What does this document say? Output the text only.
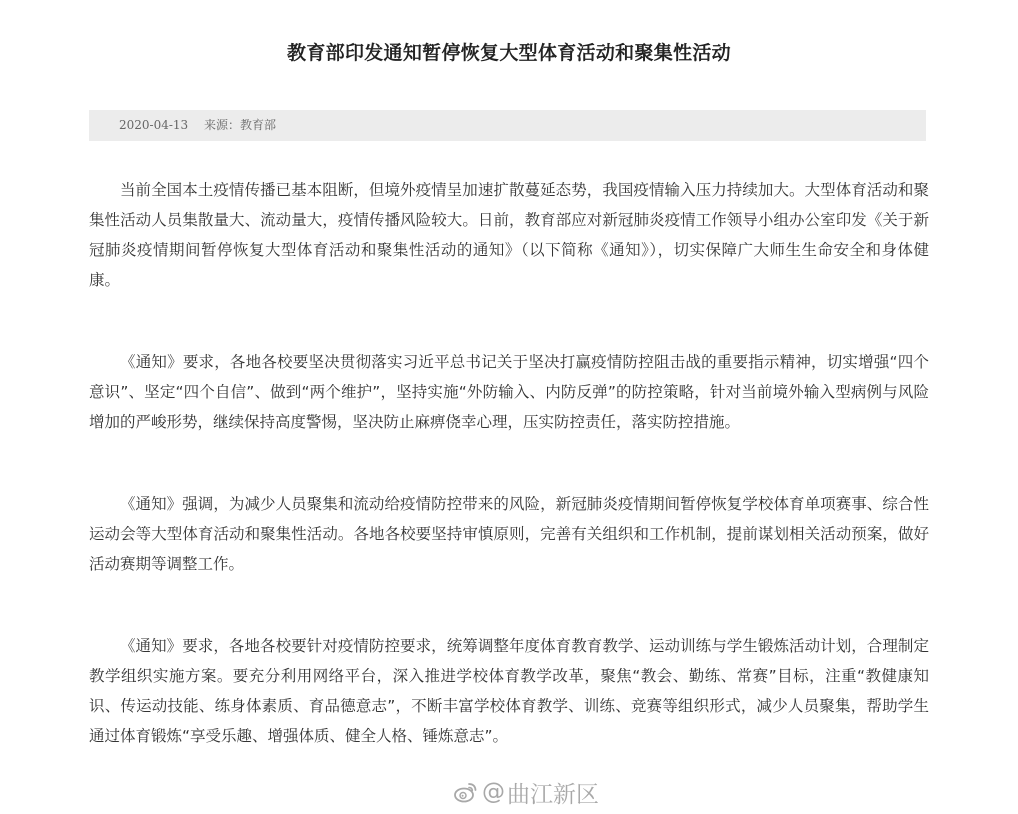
教育部印发通知暂停恢复大型体育活动和聚集性活动
2020-04-13 来源：教育部

当前全国本土疫情传播已基本阻断，但境外疫情呈加速扩散蔓延态势，我国疫情输入压力持续加大。大型体育活动和聚集性活动人员集散量大、流动量大，疫情传播风险较大。日前，教育部应对新冠肺炎疫情工作领导小组办公室印发《关于新冠肺炎疫情期间暂停恢复大型体育活动和聚集性活动的通知》（以下简称《通知》），切实保障广大师生生命安全和身体健康。

《通知》要求，各地各校要坚决贯彻落实习近平总书记关于坚决打赢疫情防控阻击战的重要指示精神，切实增强“四个意识”、坚定“四个自信”、做到“两个维护”，坚持实施“外防输入、内防反弹”的防控策略，针对当前境外输入型病例与风险增加的严峻形势，继续保持高度警惕，坚决防止麻痹侥幸心理，压实防控责任，落实防控措施。

《通知》强调，为减少人员聚集和流动给疫情防控带来的风险，新冠肺炎疫情期间暂停恢复学校体育单项赛事、综合性运动会等大型体育活动和聚集性活动。各地各校要坚持审慎原则，完善有关组织和工作机制，提前谋划相关活动预案，做好活动赛期等调整工作。

《通知》要求，各地各校要针对疫情防控要求，统筹调整年度体育教育教学、运动训练与学生锻炼活动计划，合理制定教学组织实施方案。要充分利用网络平台，深入推进学校体育教学改革，聚焦“教会、勤练、常赛”目标，注重“教健康知识、传运动技能、练身体素质、育品德意志”，不断丰富学校体育教学、训练、竞赛等组织形式，减少人员聚集，帮助学生通过体育锻炼“享受乐趣、增强体质、健全人格、锤炼意志”。

@ 曲江新区
